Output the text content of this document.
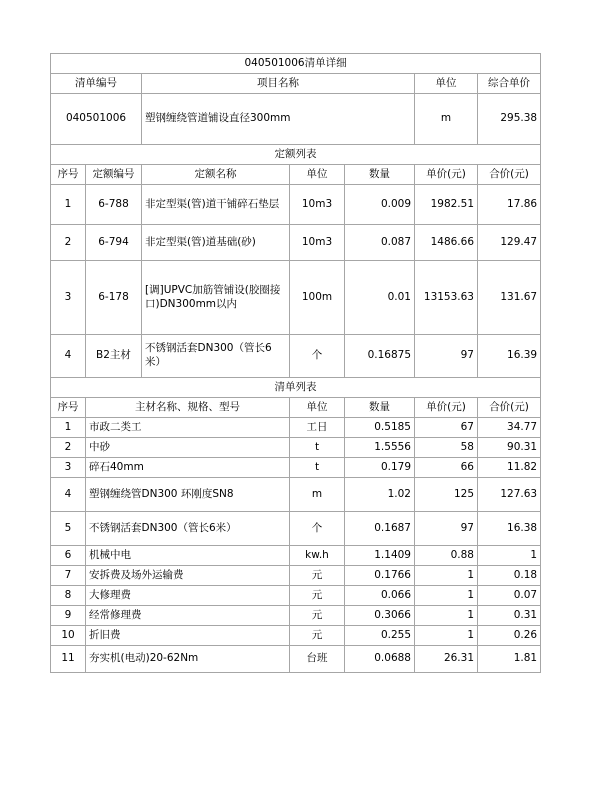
040501006清单详细						
清单编号		项目名称			单位	综合单价
040501006		塑钢缠绕管道铺设直径300mm			m	295.38
定额列表						
序号	定额编号	定额名称	单位	数量	单价(元)	合价(元)
1	6-788	非定型渠(管)道干铺碎石垫层	10m3	0.009	1982.51	17.86
2	6-794	非定型渠(管)道基础(砂)	10m3	0.087	1486.66	129.47
3	6-178	[调]UPVC加筋管铺设(胶圈接口)DN300mm以内	100m	0.01	13153.63	131.67
4	B2主材	不锈钢活套DN300（管长6米）	个	0.16875	97	16.39
清单列表						
序号	主材名称、规格、型号		单位	数量	单价(元)	合价(元)
1	市政二类工		工日	0.5185	67	34.77
2	中砂		t	1.5556	58	90.31
3	碎石40mm		t	0.179	66	11.82
4	塑钢缠绕管DN300 环刚度SN8		m	1.02	125	127.63
5	不锈钢活套DN300（管长6米）		个	0.1687	97	16.38
6	机械中电		kw.h	1.1409	0.88	1
7	安拆费及场外运输费		元	0.1766	1	0.18
8	大修理费		元	0.066	1	0.07
9	经常修理费		元	0.3066	1	0.31
10	折旧费		元	0.255	1	0.26
11	夯实机(电动)20-62Nm		台班	0.0688	26.31	1.81
